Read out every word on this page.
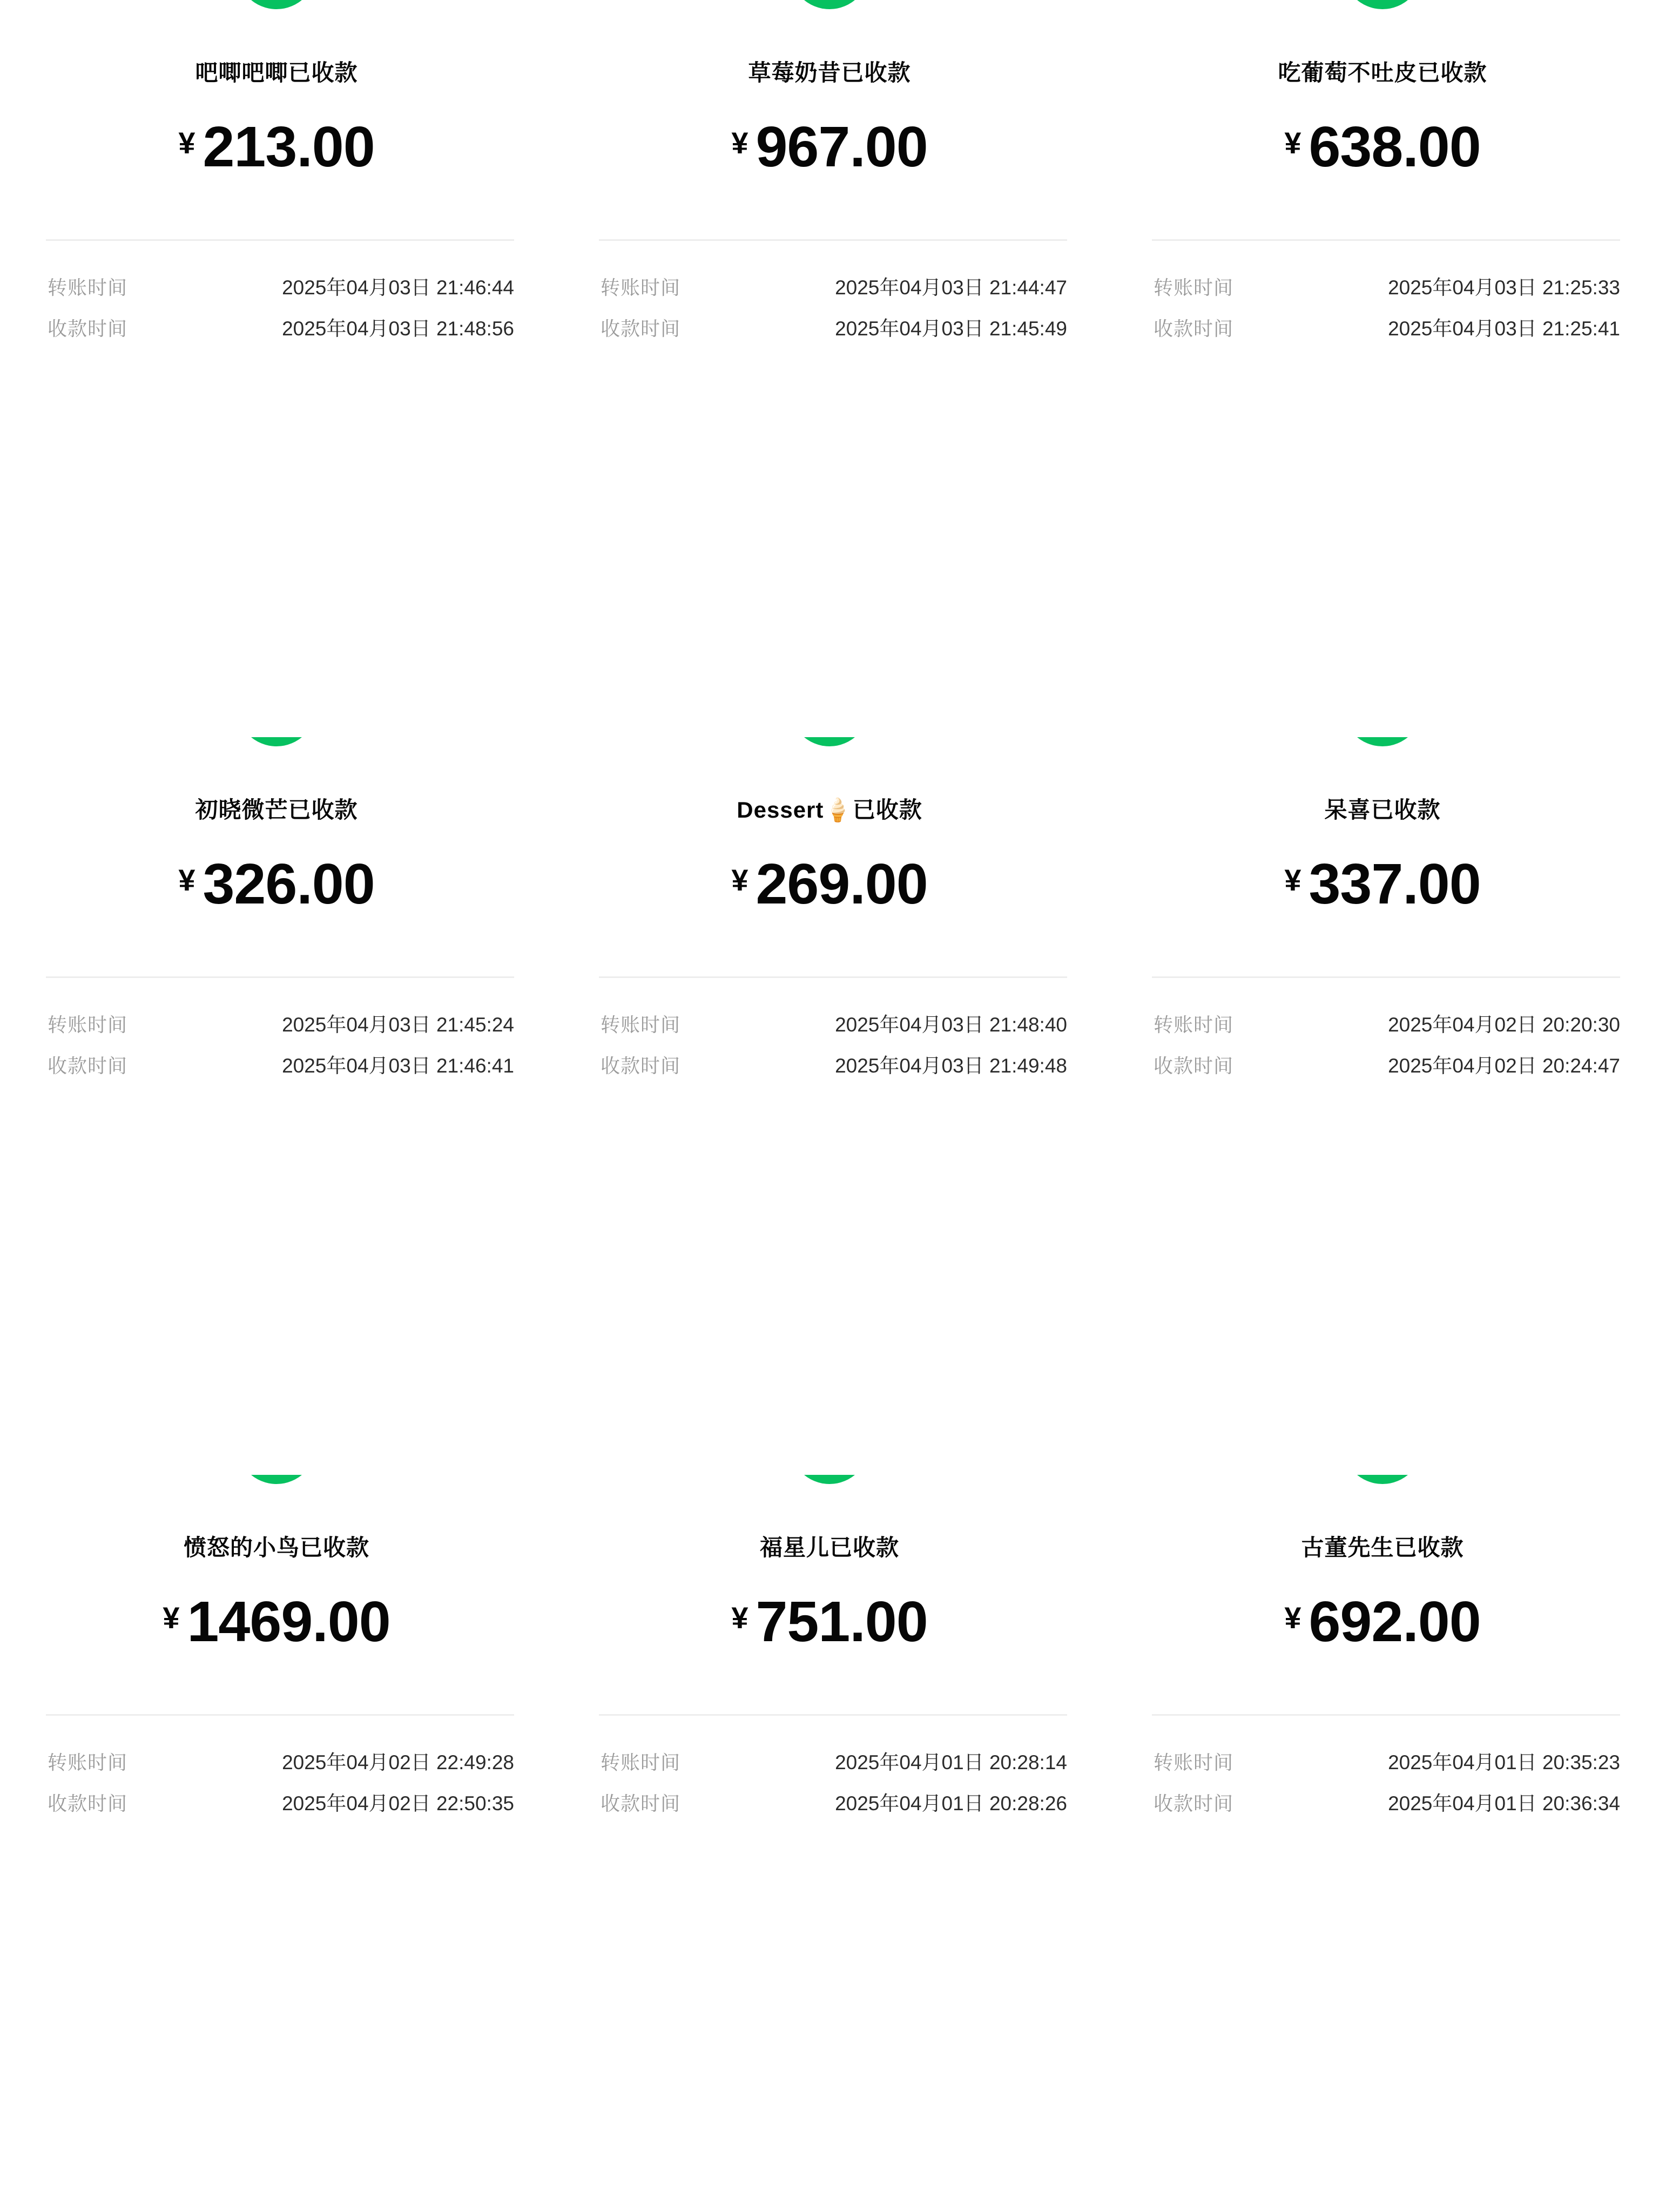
吧唧吧唧已收款
¥ 213.00
转账时间	2025年04月03日 21:46:44
收款时间	2025年04月03日 21:48:56
草莓奶昔已收款
¥ 967.00
转账时间	2025年04月03日 21:44:47
收款时间	2025年04月03日 21:45:49
吃葡萄不吐皮已收款
¥ 638.00
转账时间	2025年04月03日 21:25:33
收款时间	2025年04月03日 21:25:41
初晓微芒已收款
¥ 326.00
转账时间	2025年04月03日 21:45:24
收款时间	2025年04月03日 21:46:41
Dessert🍦已收款
¥ 269.00
转账时间	2025年04月03日 21:48:40
收款时间	2025年04月03日 21:49:48
呆喜已收款
¥ 337.00
转账时间	2025年04月02日 20:20:30
收款时间	2025年04月02日 20:24:47
愤怒的小鸟已收款
¥ 1469.00
转账时间	2025年04月02日 22:49:28
收款时间	2025年04月02日 22:50:35
福星儿已收款
¥ 751.00
转账时间	2025年04月01日 20:28:14
收款时间	2025年04月01日 20:28:26
古董先生已收款
¥ 692.00
转账时间	2025年04月01日 20:35:23
收款时间	2025年04月01日 20:36:34
